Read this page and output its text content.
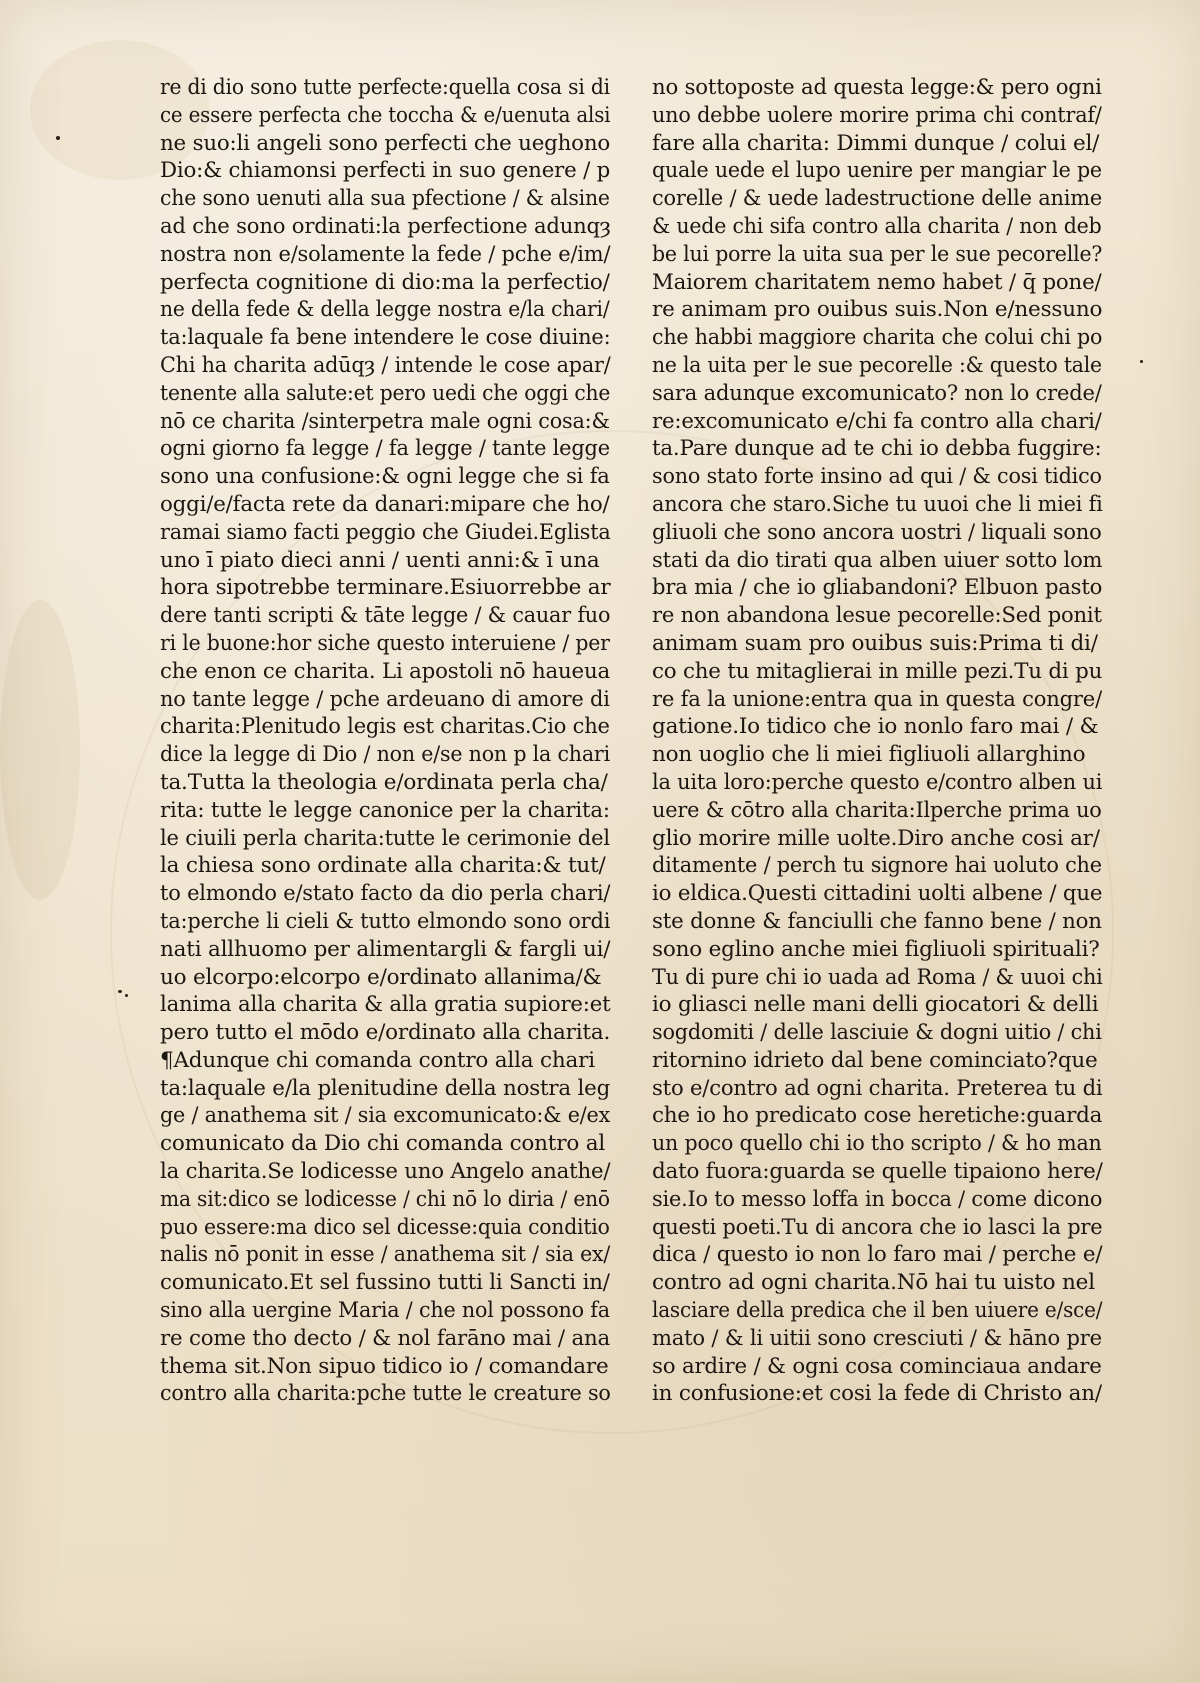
re di dio sono tutte perfecte:quella cosa si di
ce essere perfecta che toccha & e/uenuta alsi
ne suo:li angeli sono perfecti che ueghono
Dio:& chiamonsi perfecti in suo genere / p
che sono uenuti alla sua pfectione / & alsine
ad che sono ordinati:la perfectione adunqȝ
nostra non e/solamente la fede / pche e/im/
perfecta cognitione di dio:ma la perfectio/
ne della fede & della legge nostra e/la chari/
ta:laquale fa bene intendere le cose diuine:
Chi ha charita adūqȝ / intende le cose apar/
tenente alla salute:et pero uedi che oggi che
nō ce charita /sinterpetra male ogni cosa:&
ogni giorno fa legge / fa legge / tante legge
sono una confusione:& ogni legge che si fa
oggi/e/facta rete da danari:mipare che ho/
ramai siamo facti peggio che Giudei.Eglista
uno ī piato dieci anni / uenti anni:& ī una
hora sipotrebbe terminare.Esiuorrebbe ar
dere tanti scripti & tāte legge / & cauar fuo
ri le buone:hor siche questo interuiene / per
che enon ce charita. Li apostoli nō haueua
no tante legge / pche ardeuano di amore di
charita:Plenitudo legis est charitas.Cio che
dice la legge di Dio / non e/se non p la chari
ta.Tutta la theologia e/ordinata perla cha/
rita: tutte le legge canonice per la charita:
le ciuili perla charita:tutte le cerimonie del
la chiesa sono ordinate alla charita:& tut/
to elmondo e/stato facto da dio perla chari/
ta:perche li cieli & tutto elmondo sono ordi
nati allhuomo per alimentargli & fargli ui/
uo elcorpo:elcorpo e/ordinato allanima/&
lanima alla charita & alla gratia supiore:et
pero tutto el mōdo e/ordinato alla charita.
¶Adunque chi comanda contro alla chari
ta:laquale e/la plenitudine della nostra leg
ge / anathema sit / sia excomunicato:& e/ex
comunicato da Dio chi comanda contro al
la charita.Se lodicesse uno Angelo anathe/
ma sit:dico se lodicesse / chi nō lo diria / enō
puo essere:ma dico sel dicesse:quia conditio
nalis nō ponit in esse / anathema sit / sia ex/
comunicato.Et sel fussino tutti li Sancti in/
sino alla uergine Maria / che nol possono fa
re come tho decto / & nol farāno mai / ana
thema sit.Non sipuo tidico io / comandare
contro alla charita:pche tutte le creature so
no sottoposte ad questa legge:& pero ogni
uno debbe uolere morire prima chi contraf/
fare alla charita: Dimmi dunque / colui el/
quale uede el lupo uenire per mangiar le pe
corelle / & uede ladestructione delle anime
& uede chi sifa contro alla charita / non deb
be lui porre la uita sua per le sue pecorelle?
Maiorem charitatem nemo habet / q̄ pone/
re animam pro ouibus suis.Non e/nessuno
che habbi maggiore charita che colui chi po
ne la uita per le sue pecorelle :& questo tale
sara adunque excomunicato? non lo crede/
re:excomunicato e/chi fa contro alla chari/
ta.Pare dunque ad te chi io debba fuggire:
sono stato forte insino ad qui / & cosi tidico
ancora che staro.Siche tu uuoi che li miei fi
gliuoli che sono ancora uostri / liquali sono
stati da dio tirati qua alben uiuer sotto lom
bra mia / che io gliabandoni? Elbuon pasto
re non abandona lesue pecorelle:Sed ponit
animam suam pro ouibus suis:Prima ti di/
co che tu mitaglierai in mille pezi.Tu di pu
re fa la unione:entra qua in questa congre/
gatione.Io tidico che io nonlo faro mai / &
non uoglio che li miei figliuoli allarghino
la uita loro:perche questo e/contro alben ui
uere & cōtro alla charita:Ilperche prima uo
glio morire mille uolte.Diro anche cosi ar/
ditamente / perch tu signore hai uoluto che
io eldica.Questi cittadini uolti albene / que
ste donne & fanciulli che fanno bene / non
sono eglino anche miei figliuoli spirituali?
Tu di pure chi io uada ad Roma / & uuoi chi
io gliasci nelle mani delli giocatori & delli
sogdomiti / delle lasciuie & dogni uitio / chi
ritornino idrieto dal bene cominciato?que
sto e/contro ad ogni charita. Preterea tu di
che io ho predicato cose heretiche:guarda
un poco quello chi io tho scripto / & ho man
dato fuora:guarda se quelle tipaiono here/
sie.Io to messo loffa in bocca / come dicono
questi poeti.Tu di ancora che io lasci la pre
dica / questo io non lo faro mai / perche e/
contro ad ogni charita.Nō hai tu uisto nel
lasciare della predica che il ben uiuere e/sce/
mato / & li uitii sono cresciuti / & hāno pre
so ardire / & ogni cosa cominciaua andare
in confusione:et cosi la fede di Christo an/
